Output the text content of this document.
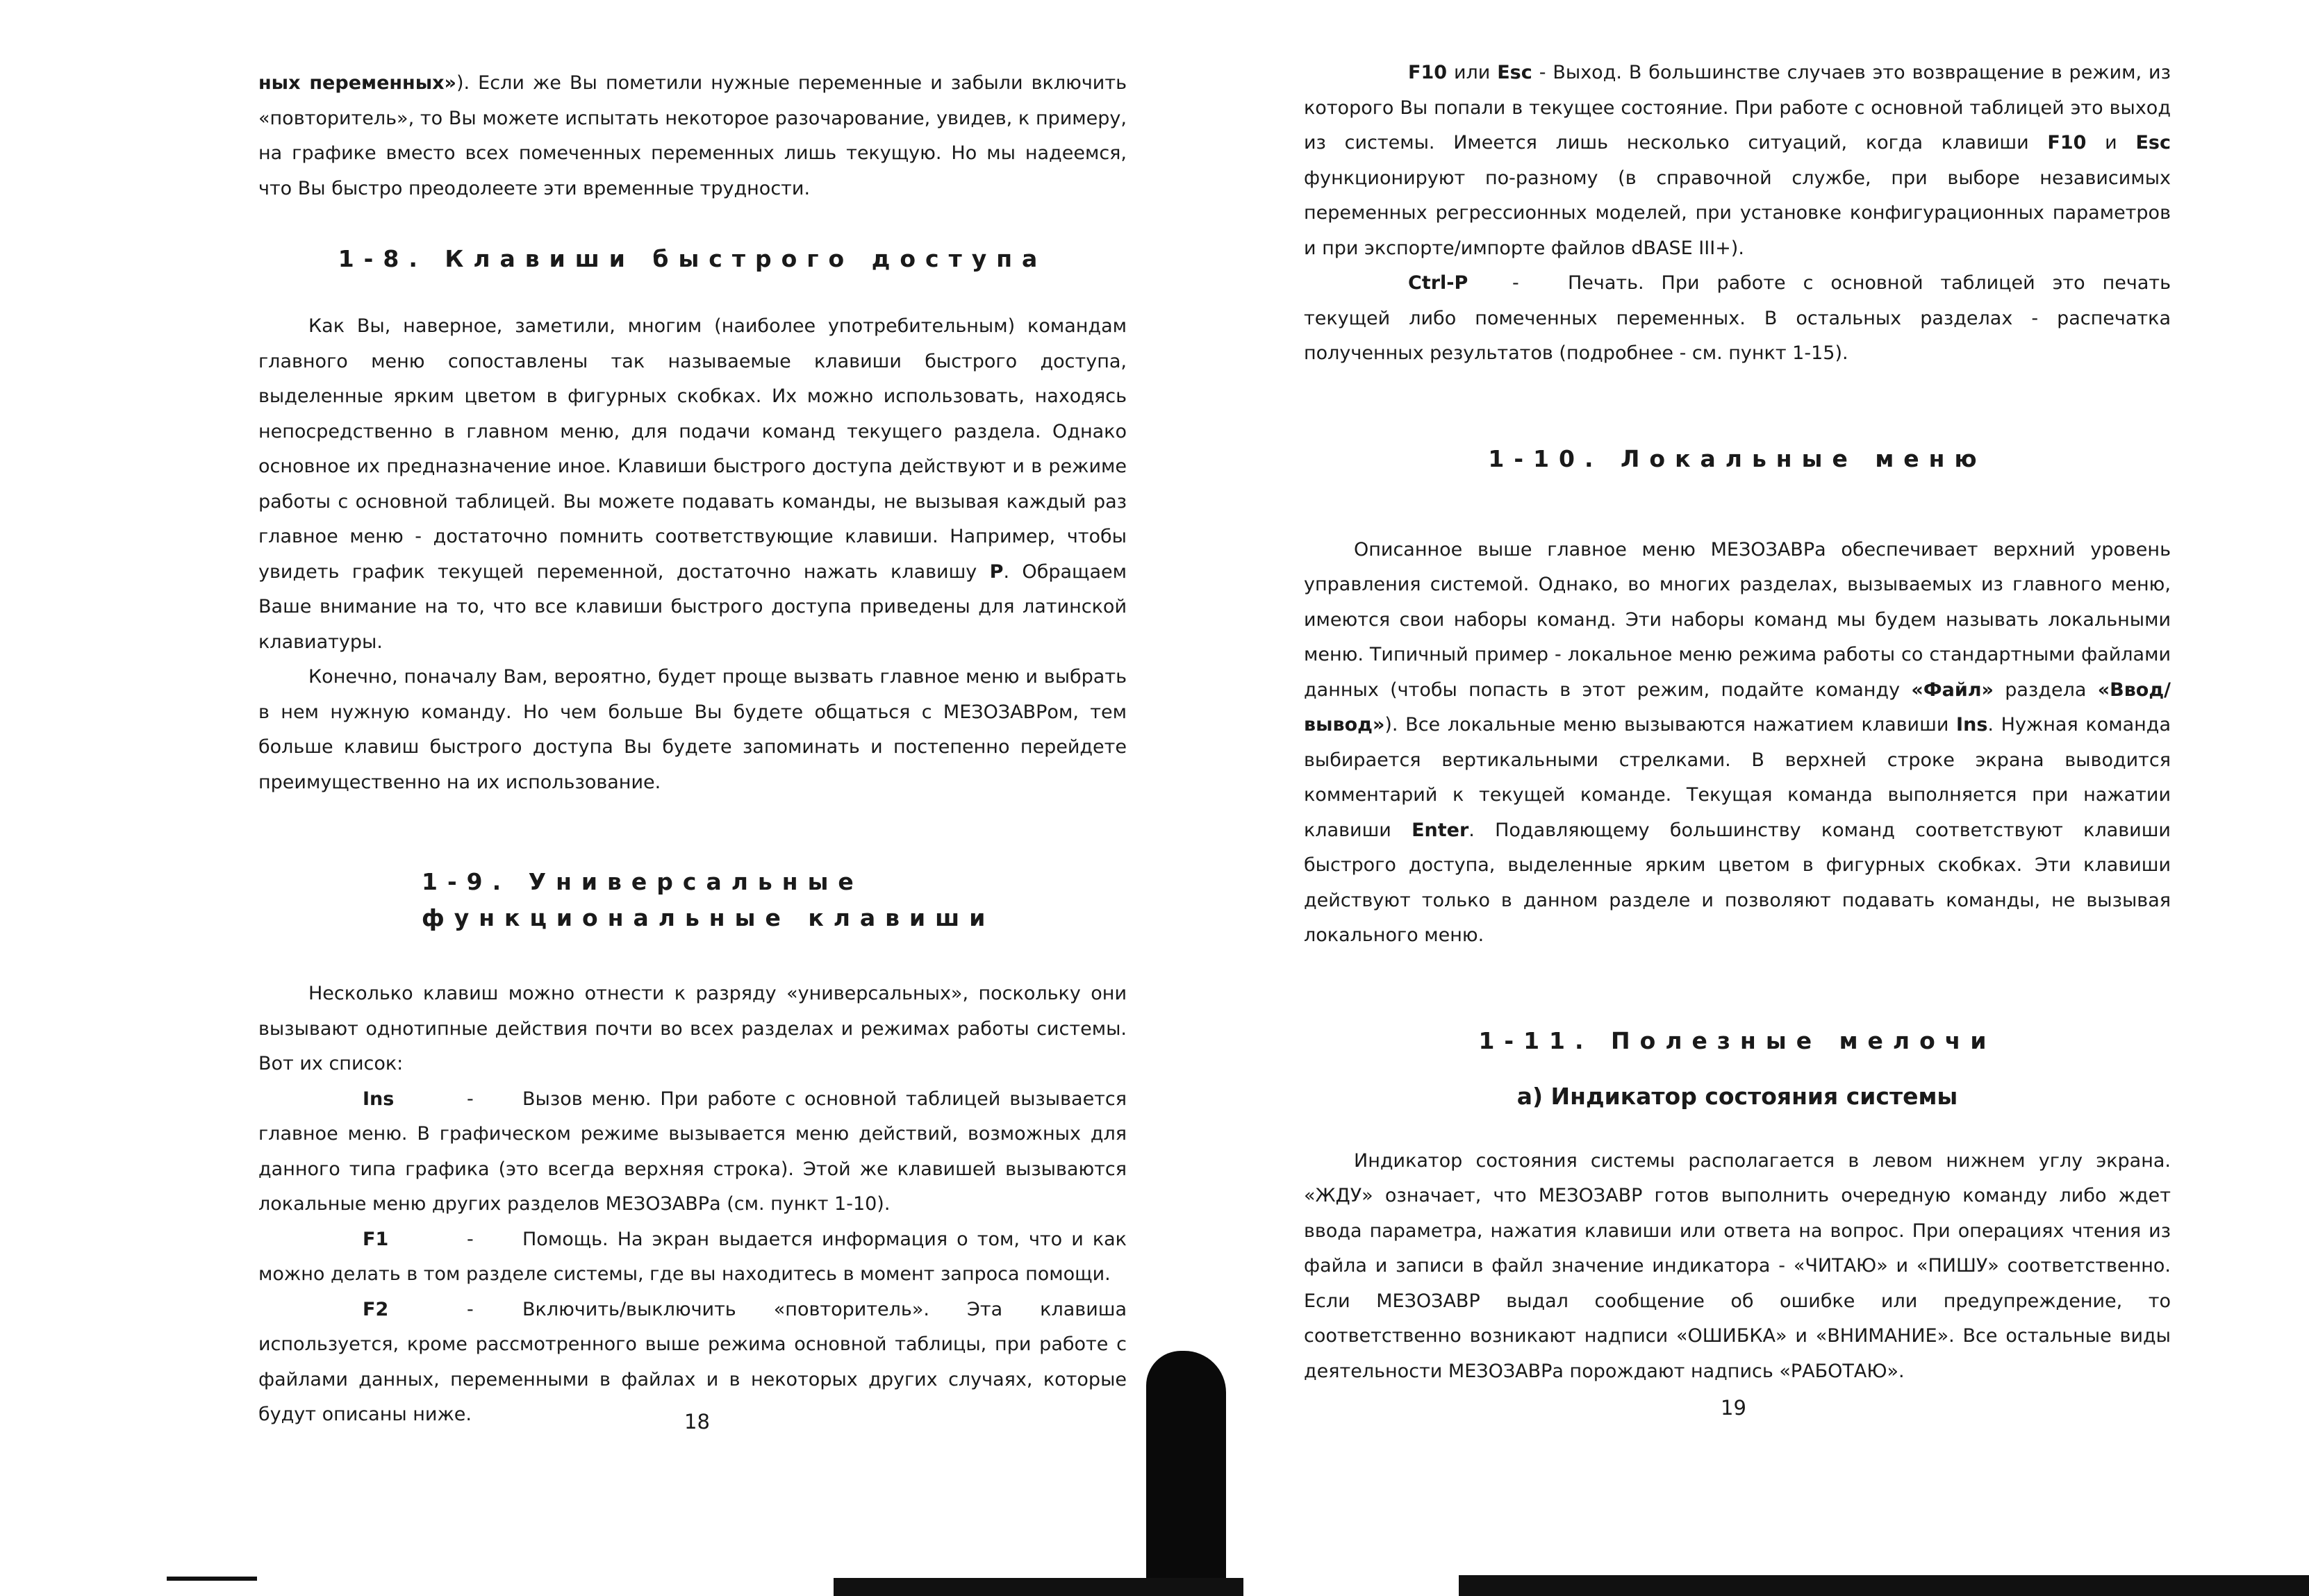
ных переменных»). Если же Вы пометили нужные переменные и забыли включить «повторитель», то Вы можете испытать некоторое разочарование, увидев, к примеру, на графике вместо всех помеченных переменных лишь текущую. Но мы надеемся, что Вы быстро преодолеете эти временные трудности.

1-8. Клавиши быстрого доступа

Как Вы, наверное, заметили, многим (наиболее употребительным) командам главного меню сопоставлены так называемые клавиши быстрого доступа, выделенные ярким цветом в фигурных скобках. Их можно использовать, находясь непосредственно в главном меню, для подачи команд текущего раздела. Однако основное их предназначение иное. Клавиши быстрого доступа действуют и в режиме работы с основной таблицей. Вы можете подавать команды, не вызывая каждый раз главное меню - достаточно помнить соответствующие клавиши. Например, чтобы увидеть график текущей переменной, достаточно нажать клавишу P. Обращаем Ваше внимание на то, что все клавиши быстрого доступа приведены для латинской клавиатуры.

Конечно, поначалу Вам, вероятно, будет проще вызвать главное меню и выбрать в нем нужную команду. Но чем больше Вы будете общаться с МЕЗОЗАВРом, тем больше клавиш быстрого доступа Вы будете запоминать и постепенно перейдете преимущественно на их использование.

1-9. Универсальные
функциональные клавиши

Несколько клавиш можно отнести к разряду «универсальных», поскольку они вызывают однотипные действия почти во всех разделах и режимах работы системы. Вот их список:

Ins	-	Вызов меню. При работе с основной таблицей вызывается главное меню. В графическом режиме вызывается меню действий, возможных для данного типа графика (это всегда верхняя строка). Этой же клавишей вызываются локальные меню других разделов МЕЗОЗАВРа (см. пункт 1-10).

F1	-	Помощь. На экран выдается информация о том, что и как можно делать в том разделе системы, где вы находитесь в момент запроса помощи.

F2	-	Включить/выключить «повторитель». Эта клавиша используется, кроме рассмотренного выше режима основной таблицы, при работе с файлами данных, переменными в файлах и в некоторых других случаях, которые будут описаны ниже.	18

F10 или Esc - Выход. В большинстве случаев это возвращение в режим, из которого Вы попали в текущее состояние. При работе с основной таблицей это выход из системы. Имеется лишь несколько ситуаций, когда клавиши F10 и Esc функционируют по-разному (в справочной службе, при выборе независимых переменных регрессионных моделей, при установке конфигурационных параметров и при экспорте/импорте файлов dBASE III+).

Ctrl-P -	Печать. При работе с основной таблицей это печать текущей либо помеченных переменных. В остальных разделах - распечатка полученных результатов (подробнее - см. пункт 1-15).

1-10. Локальные меню

Описанное выше главное меню МЕЗОЗАВРа обеспечивает верхний уровень управления системой. Однако, во многих разделах, вызываемых из главного меню, имеются свои наборы команд. Эти наборы команд мы будем называть локальными меню. Типичный пример - локальное меню режима работы со стандартными файлами данных (чтобы попасть в этот режим, подайте команду «Файл» раздела «Ввод/вывод»). Все локальные меню вызываются нажатием клавиши Ins. Нужная команда выбирается вертикальными стрелками. В верхней строке экрана выводится комментарий к текущей команде. Текущая команда выполняется при нажатии клавиши Enter. Подавляющему большинству команд соответствуют клавиши быстрого доступа, выделенные ярким цветом в фигурных скобках. Эти клавиши действуют только в данном разделе и позволяют подавать команды, не вызывая локального меню.

1-11. Полезные мелочи
а) Индикатор состояния системы

Индикатор состояния системы располагается в левом нижнем углу экрана. «ЖДУ» означает, что МЕЗОЗАВР готов выполнить очередную команду либо ждет ввода параметра, нажатия клавиши или ответа на вопрос. При операциях чтения из файла и записи в файл значение индикатора - «ЧИТАЮ» и «ПИШУ» соответственно. Если МЕЗОЗАВР выдал сообщение об ошибке или предупреждение, то соответственно возникают надписи «ОШИБКА» и «ВНИМАНИЕ». Все остальные виды деятельности МЕЗОЗАВРа порождают надпись «РАБОТАЮ».

19
